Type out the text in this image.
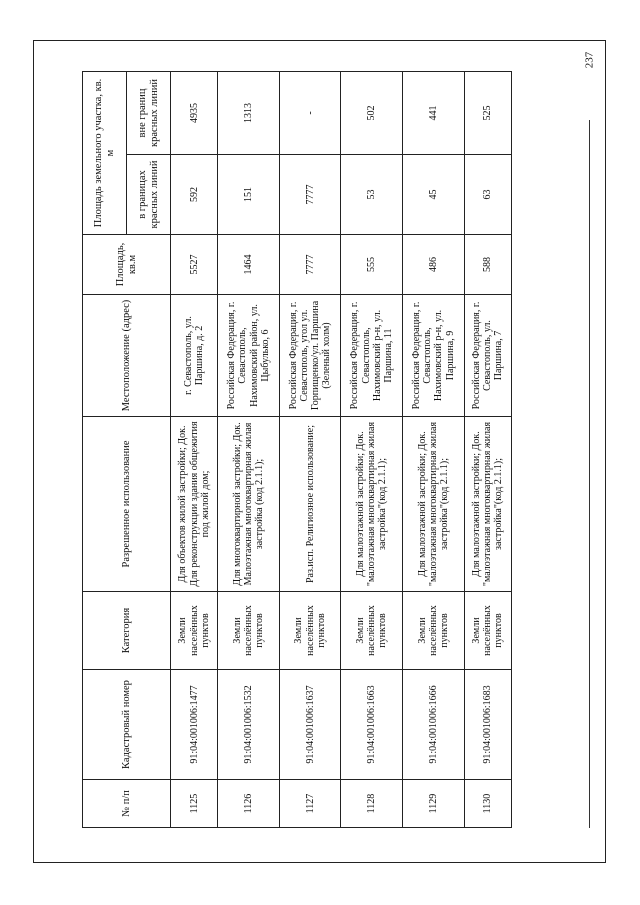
237
№ п/п	Кадастровый номер	Категория	Разрешенное использование	Местоположение (адрес)	Площадь, кв.м	Площадь земельного участка, кв. м	
						в границах красных линий	вне границ красных линий
1125	91:04:001006:1477	Земли населённых пунктов	Для объектов жилой застройки; Док. Для реконструкции здания общежития под жилой дом;	г. Севастополь, ул. Паршина, д. 2	5527	592	4935
1126	91:04:001006:1532	Земли населённых пунктов	Для многоквартирной застройки; Док. Малоэтажная многоквартирная жилая застройка (код 2.1.1);	Российская Федерация, г. Севастополь, Нахимовский район, ул. Цыбулько, 6	1464	151	1313
1127	91:04:001006:1637	Земли населённых пунктов	Раз.исп. Религиозное использование;	Российская Федерация, г. Севастополь, угол ул. Горпищенко/ул. Паршина (Зеленый холм)	7777	7777	-
1128	91:04:001006:1663	Земли населённых пунктов	Для малоэтажной застройки; Док. "малоэтажная многоквартирная жилая застройка"(код 2.1.1);	Российская Федерация, г. Севастополь, Нахимовский р-н, ул. Паршина, 11	555	53	502
1129	91:04:001006:1666	Земли населённых пунктов	Для малоэтажной застройки; Док. "малоэтажная многоквартирная жилая застройка"(код 2.1.1);	Российская Федерация, г. Севастополь, Нахимовский р-н, ул. Паршина, 9	486	45	441
1130	91:04:001006:1683	Земли населённых пунктов	Для малоэтажной застройки; Док. "малоэтажная многоквартирная жилая застройка"(код 2.1.1);	Российская Федерация, г. Севастополь, ул. Паршина, 7	588	63	525
